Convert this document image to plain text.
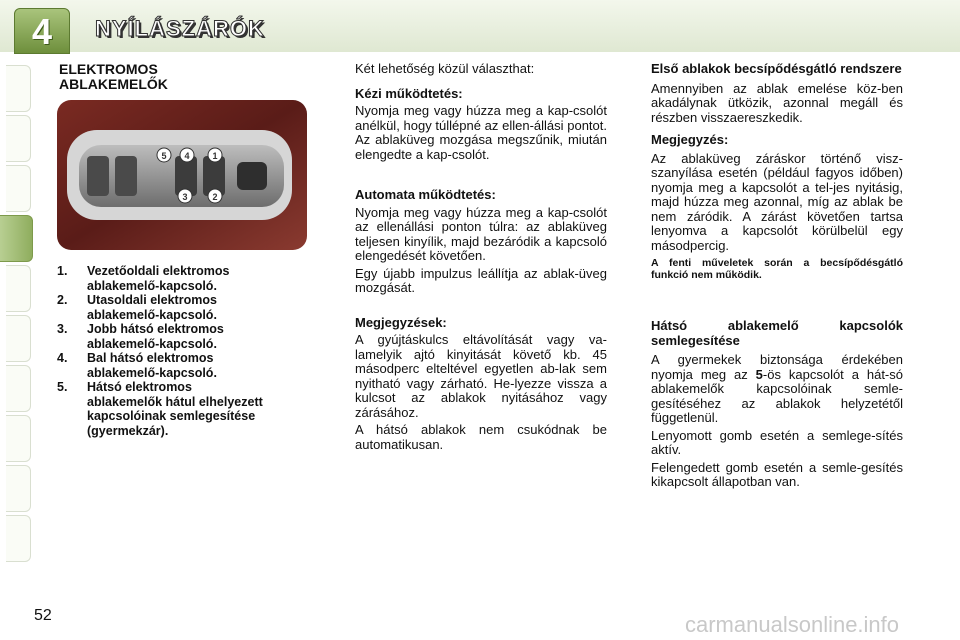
4	NYÍLÁSZÁRÓK
ELEKTROMOS
ABLAKEMELŐK
5 4	1
3	2
1.	Vezetőoldali elektromos
ablakemelő-kapcsoló.
2.	Utasoldali elektromos
ablakemelő-kapcsoló.
3.	Jobb hátsó elektromos
ablakemelő-kapcsoló.
4.	Bal hátsó elektromos
ablakemelő-kapcsoló.
5.	Hátsó elektromos
ablakemelők hátul elhelyezett
kapcsolóinak semlegesítése
(gyermekzár).

Két lehetőség közül választhat:

Kézi működtetés:

Nyomja meg vagy húzza meg a kap-csolót anélkül, hogy túllépné az ellen-állási pontot. Az ablaküveg mozgása megszűnik, miután elengedte a kap-csolót.

Automata működtetés:

Nyomja meg vagy húzza meg a kap-csolót az ellenállási ponton túlra: az ablaküveg teljesen kinyílik, majd bezáródik a kapcsoló elengedését követően.

Egy újabb impulzus leállítja az ablak-üveg mozgását.

Megjegyzések:

A gyújtáskulcs eltávolítását vagy va-lamelyik ajtó kinyitását követő kb. 45 másodperc elteltével egyetlen ab-lak sem nyitható vagy zárható. He-lyezze vissza a kulcsot az ablakok nyitásához vagy zárásához.

A hátsó ablakok nem csukódnak be automatikusan.

Első ablakok becsípődésgátló rendszere

Amennyiben az ablak emelése köz-ben akadálynak ütközik, azonnal megáll és részben visszaereszkedik.

Megjegyzés:

Az ablaküveg záráskor történő visz-szanyílása esetén (például fagyos időben) nyomja meg a kapcsolót a tel-jes nyitásig, majd húzza meg azonnal, míg az ablak be nem záródik. A zárást követően tartsa lenyomva a kapcsolót körülbelül egy másodpercig.

A fenti műveletek során a becsípődésgátló funkció nem működik.

Hátsó ablakemelő kapcsolók semlegesítése

A gyermekek biztonsága érdekében nyomja meg az 5-ös kapcsolót a hát-só ablakemelők kapcsolóinak semle-gesítéséhez az ablakok helyzetétől függetlenül.

Lenyomott gomb esetén a semlege-sítés aktív.

Felengedett gomb esetén a semle-gesítés kikapcsolt állapotban van.

52	carmanualsonline.info
